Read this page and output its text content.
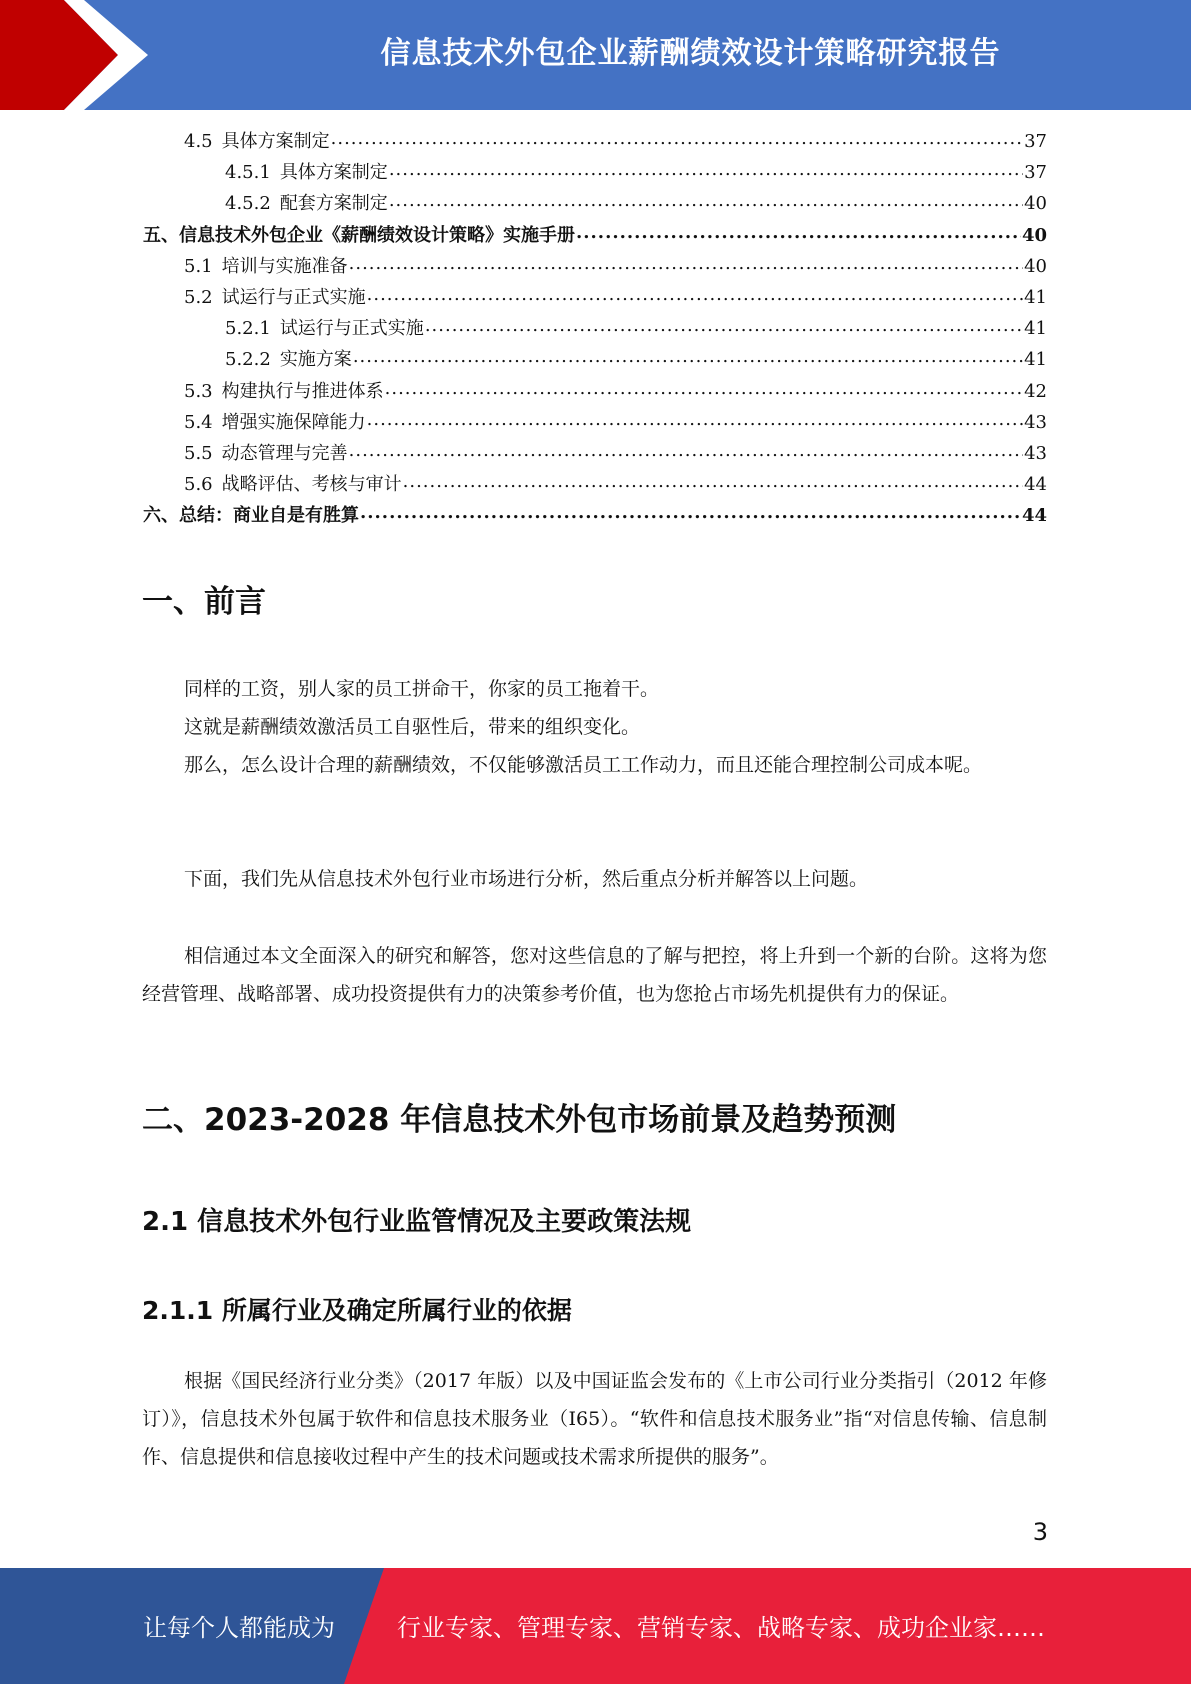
信息技术外包企业薪酬绩效设计策略研究报告
4.5 具体方案制定 .....	37
4.5.1 具体方案制定 .....	37
4.5.2 配套方案制定 .....	40
五、信息技术外包企业《薪酬绩效设计策略》实施手册 .....	40
5.1 培训与实施准备 .....	40
5.2 试运行与正式实施 .....	41
5.2.1 试运行与正式实施 .....	41
5.2.2 实施方案 .....	41
5.3 构建执行与推进体系 .....	42
5.4 增强实施保障能力 .....	43
5.5 动态管理与完善 .....	43
5.6 战略评估、考核与审计 .....	44
六、总结：商业自是有胜算 .....	44
一、前言
同样的工资，别人家的员工拼命干，你家的员工拖着干。
这就是薪酬绩效激活员工自驱性后，带来的组织变化。
那么，怎么设计合理的薪酬绩效，不仅能够激活员工工作动力，而且还能合理控制公司成本呢。
下面，我们先从信息技术外包行业市场进行分析，然后重点分析并解答以上问题。
相信通过本文全面深入的研究和解答，您对这些信息的了解与把控，将上升到一个新的台阶。这将为您经营管理、战略部署、成功投资提供有力的决策参考价值，也为您抢占市场先机提供有力的保证。
二、2023-2028 年信息技术外包市场前景及趋势预测
2.1 信息技术外包行业监管情况及主要政策法规
2.1.1 所属行业及确定所属行业的依据
根据《国民经济行业分类》（2017 年版）以及中国证监会发布的《上市公司行业分类指引（2012 年修订）》，信息技术外包属于软件和信息技术服务业（I65）。“软件和信息技术服务业”指“对信息传输、信息制作、信息提供和信息接收过程中产生的技术问题或技术需求所提供的服务”。
3
让每个人都能成为	行业专家、管理专家、营销专家、战略专家、成功企业家……
